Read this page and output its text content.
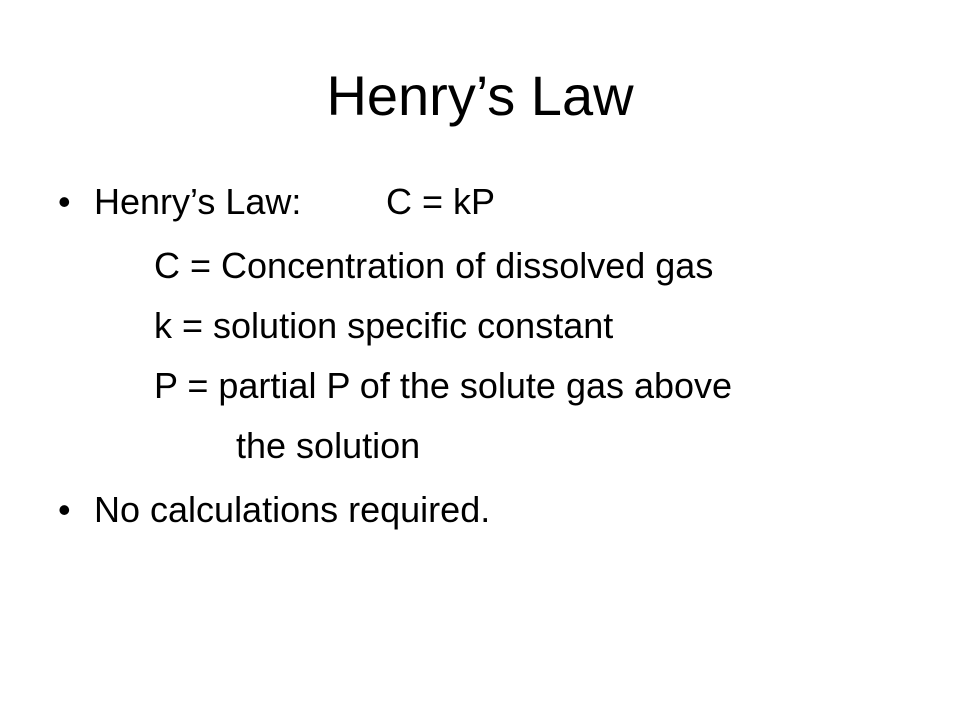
Henry’s Law
• Henry’s Law: C = kP
C = Concentration of dissolved gas
k = solution specific constant
P = partial P of the solute gas above
the solution
• No calculations required.
